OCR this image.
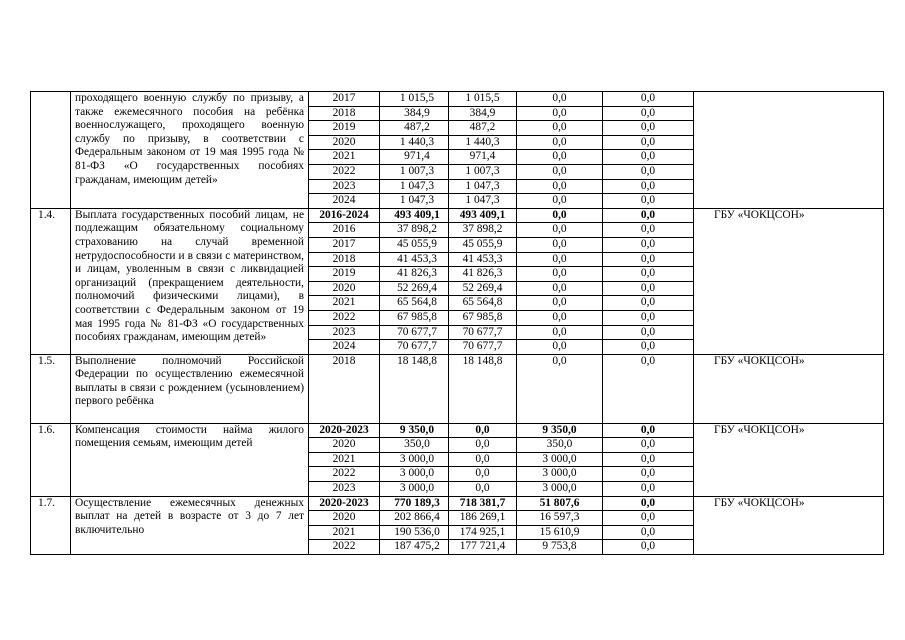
	проходящего военную службу по призыву, а также ежемесячного пособия на ребёнка военнослужащего, проходящего военную службу по призыву, в соответствии с Федеральным законом от 19 мая 1995 года № 81-ФЗ «О государственных пособиях гражданам, имеющим детей»	2017	1 015,5	1 015,5	0,0	0,0	
		2018	384,9	384,9	0,0	0,0	
		2019	487,2	487,2	0,0	0,0	
		2020	1 440,3	1 440,3	0,0	0,0	
		2021	971,4	971,4	0,0	0,0	
		2022	1 007,3	1 007,3	0,0	0,0	
		2023	1 047,3	1 047,3	0,0	0,0	
		2024	1 047,3	1 047,3	0,0	0,0	
1.4.	Выплата государственных пособий лицам, не подлежащим обязательному социальному страхованию на случай временной нетрудоспособности и в связи с материнством, и лицам, уволенным в связи с ликвидацией организаций (прекращением деятельности, полномочий физическими лицами), в соответствии с Федеральным законом от 19 мая 1995 года № 81-ФЗ «О государственных пособиях гражданам, имеющим детей»	2016-2024	493 409,1	493 409,1	0,0	0,0	ГБУ «ЧОКЦСОН»
		2016	37 898,2	37 898,2	0,0	0,0	
		2017	45 055,9	45 055,9	0,0	0,0	
		2018	41 453,3	41 453,3	0,0	0,0	
		2019	41 826,3	41 826,3	0,0	0,0	
		2020	52 269,4	52 269,4	0,0	0,0	
		2021	65 564,8	65 564,8	0,0	0,0	
		2022	67 985,8	67 985,8	0,0	0,0	
		2023	70 677,7	70 677,7	0,0	0,0	
		2024	70 677,7	70 677,7	0,0	0,0	
1.5.	Выполнение полномочий Российской Федерации по осуществлению ежемесячной выплаты в связи с рождением (усыновлением) первого ребёнка	2018	18 148,8	18 148,8	0,0	0,0	ГБУ «ЧОКЦСОН»
1.6.	Компенсация стоимости найма жилого помещения семьям, имеющим детей	2020-2023	9 350,0	0,0	9 350,0	0,0	ГБУ «ЧОКЦСОН»
		2020	350,0	0,0	350,0	0,0	
		2021	3 000,0	0,0	3 000,0	0,0	
		2022	3 000,0	0,0	3 000,0	0,0	
		2023	3 000,0	0,0	3 000,0	0,0	
1.7.	Осуществление ежемесячных денежных выплат на детей в возрасте от 3 до 7 лет включительно	2020-2023	770 189,3	718 381,7	51 807,6	0,0	ГБУ «ЧОКЦСОН»
		2020	202 866,4	186 269,1	16 597,3	0,0	
		2021	190 536,0	174 925,1	15 610,9	0,0	
		2022	187 475,2	177 721,4	9 753,8	0,0	
